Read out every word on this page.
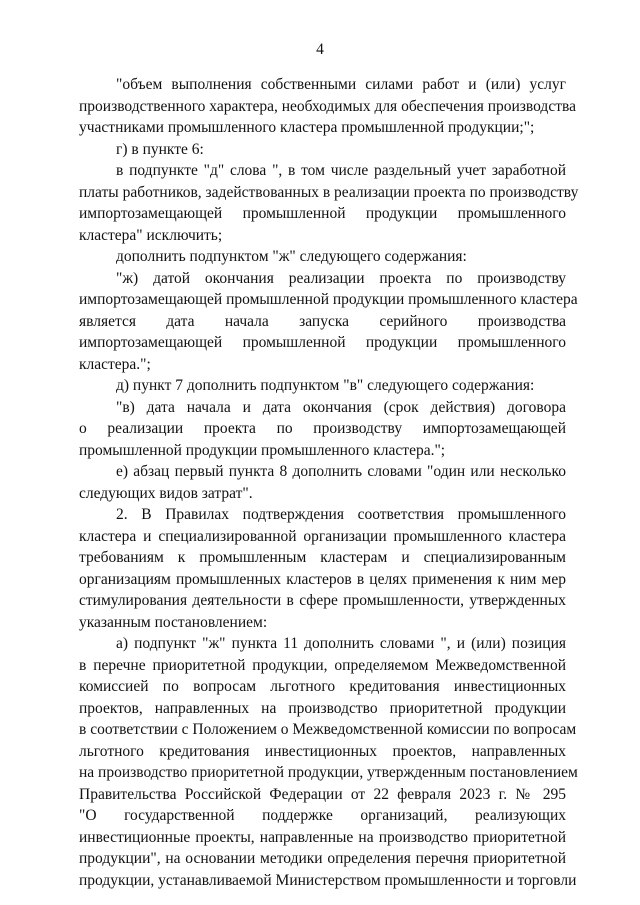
4
"объем выполнения собственными силами работ и (или) услуг
производственного характера, необходимых для обеспечения производства
участниками промышленного кластера промышленной продукции;";
г) в пункте 6:
в подпункте "д" слова ", в том числе раздельный учет заработной
платы работников, задействованных в реализации проекта по производству
импортозамещающей промышленной продукции промышленного
кластера" исключить;
дополнить подпунктом "ж" следующего содержания:
"ж) датой окончания реализации проекта по производству
импортозамещающей промышленной продукции промышленного кластера
является дата начала запуска серийного производства
импортозамещающей промышленной продукции промышленного
кластера.";
д) пункт 7 дополнить подпунктом "в" следующего содержания:
"в) дата начала и дата окончания (срок действия) договора
о реализации проекта по производству импортозамещающей
промышленной продукции промышленного кластера.";
е) абзац первый пункта 8 дополнить словами "один или несколько
следующих видов затрат".
2. В Правилах подтверждения соответствия промышленного
кластера и специализированной организации промышленного кластера
требованиям к промышленным кластерам и специализированным
организациям промышленных кластеров в целях применения к ним мер
стимулирования деятельности в сфере промышленности, утвержденных
указанным постановлением:
а) подпункт "ж" пункта 11 дополнить словами ", и (или) позиция
в перечне приоритетной продукции, определяемом Межведомственной
комиссией по вопросам льготного кредитования инвестиционных
проектов, направленных на производство приоритетной продукции
в соответствии с Положением о Межведомственной комиссии по вопросам
льготного кредитования инвестиционных проектов, направленных
на производство приоритетной продукции, утвержденным постановлением
Правительства Российской Федерации от 22 февраля 2023 г. № 295
"О государственной поддержке организаций, реализующих
инвестиционные проекты, направленные на производство приоритетной
продукции", на основании методики определения перечня приоритетной
продукции, устанавливаемой Министерством промышленности и торговли
